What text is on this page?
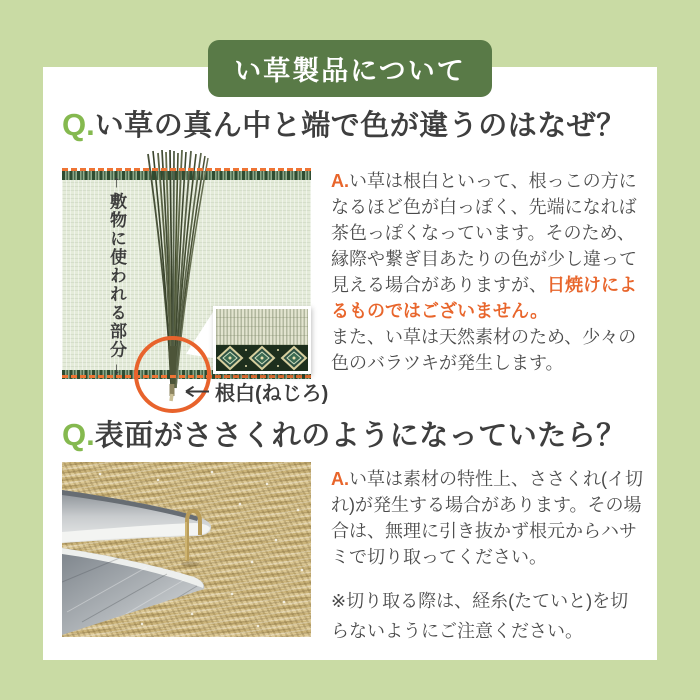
い草製品について
Q.い草の真ん中と端で色が違うのはなぜ？
↑敷物に使われる部分↓
根白(ねじろ)
A.い草は根白といって、根っこの方になるほど色が白っぽく、先端になれば茶色っぽくなっています。そのため、縁際や繋ぎ目あたりの色が少し違って見える場合がありますが、日焼けによるものではございません。
また、い草は天然素材のため、少々の色のバラツキが発生します。
Q.表面がささくれのようになっていたら？
A.い草は素材の特性上、ささくれ(イ切れ)が発生する場合があります。その場合は、無理に引き抜かず根元からハサミで切り取ってください。
※切り取る際は、経糸(たていと)を切らないようにご注意ください。
